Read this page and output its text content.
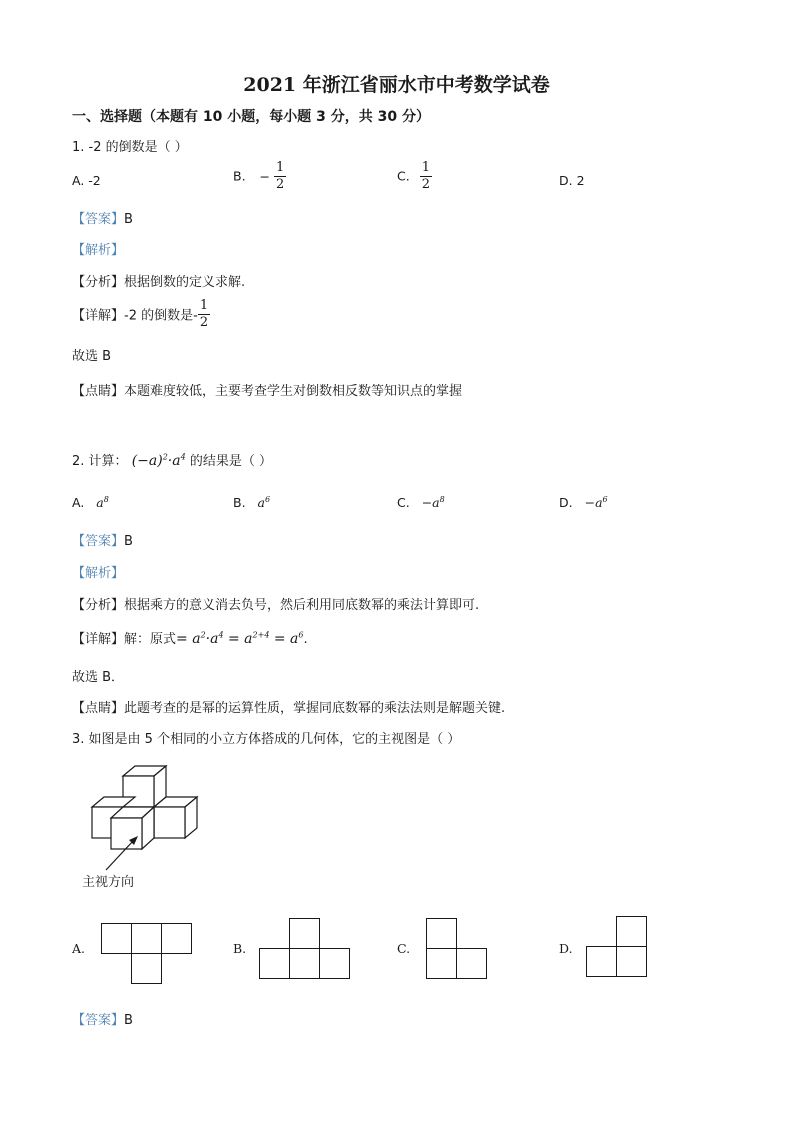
2021 年浙江省丽水市中考数学试卷
一、选择题（本题有 10 小题，每小题 3 分，共 30 分）
1. -2 的倒数是（ ）
A. -2	B. − $\frac{1}{2}$	C. $\frac{1}{2}$	D. 2
【答案】B
【解析】
【分析】根据倒数的定义求解.
【详解】-2 的倒数是- $\frac{1}{2}$
故选 B
【点睛】本题难度较低，主要考查学生对倒数相反数等知识点的掌握
2. 计算： $(-a)^2\cdot a^4$ 的结果是（ ）
A. $a^8$	B. $a^6$	C. $-a^8$	D. $-a^6$
【答案】B
【解析】
【分析】根据乘方的意义消去负号，然后利用同底数幂的乘法计算即可.
【详解】解：原式= $a^2\cdot a^4 = a^{2+4} = a^6$.
故选 B．
【点睛】此题考查的是幂的运算性质，掌握同底数幂的乘法法则是解题关键.
3. 如图是由 5 个相同的小立方体搭成的几何体，它的主视图是（ ）
主视方向
A.	B.	C.	D.
【答案】B
